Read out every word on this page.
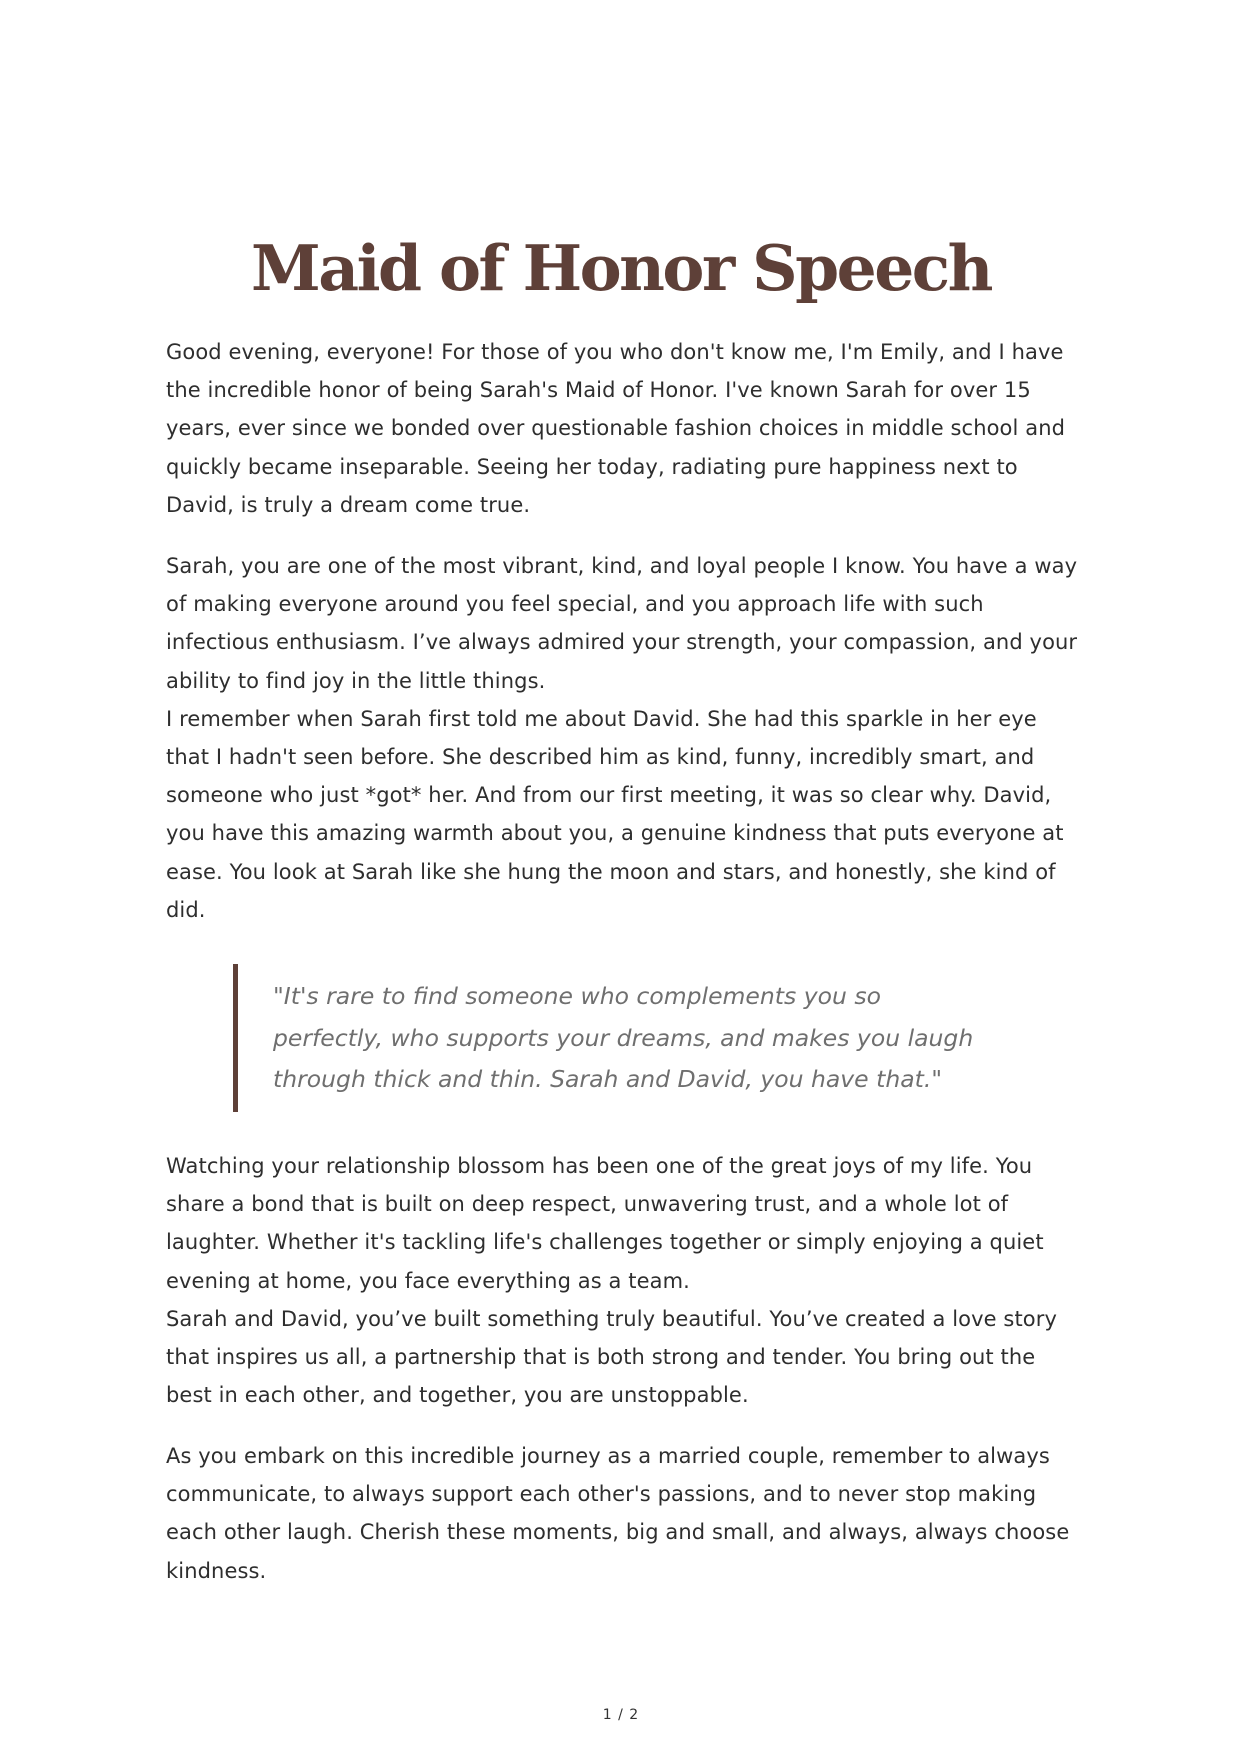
Maid of Honor Speech
Good evening, everyone! For those of you who don't know me, I'm Emily, and I have the incredible honor of being Sarah's Maid of Honor. I've known Sarah for over 15 years, ever since we bonded over questionable fashion choices in middle school and quickly became inseparable. Seeing her today, radiating pure happiness next to David, is truly a dream come true.
Sarah, you are one of the most vibrant, kind, and loyal people I know. You have a way of making everyone around you feel special, and you approach life with such infectious enthusiasm. I’ve always admired your strength, your compassion, and your ability to find joy in the little things.
I remember when Sarah first told me about David. She had this sparkle in her eye that I hadn't seen before. She described him as kind, funny, incredibly smart, and someone who just *got* her. And from our first meeting, it was so clear why. David, you have this amazing warmth about you, a genuine kindness that puts everyone at ease. You look at Sarah like she hung the moon and stars, and honestly, she kind of did.

"It's rare to find someone who complements you so perfectly, who supports your dreams, and makes you laugh through thick and thin. Sarah and David, you have that."

Watching your relationship blossom has been one of the great joys of my life. You share a bond that is built on deep respect, unwavering trust, and a whole lot of laughter. Whether it's tackling life's challenges together or simply enjoying a quiet evening at home, you face everything as a team.
Sarah and David, you’ve built something truly beautiful. You’ve created a love story that inspires us all, a partnership that is both strong and tender. You bring out the best in each other, and together, you are unstoppable.
As you embark on this incredible journey as a married couple, remember to always communicate, to always support each other's passions, and to never stop making each other laugh. Cherish these moments, big and small, and always, always choose kindness.
1 / 2
